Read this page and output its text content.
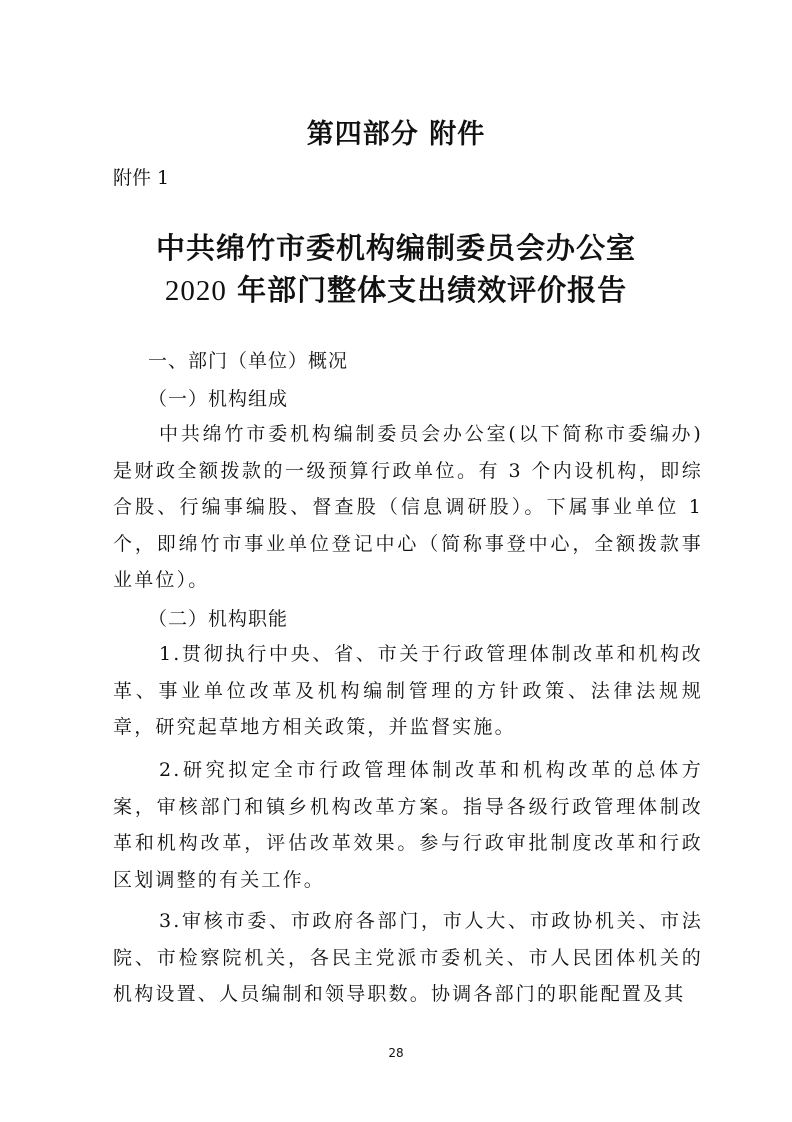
第四部分 附件
附件 1
中共绵竹市委机构编制委员会办公室
2020 年部门整体支出绩效评价报告
一、部门（单位）概况
（一）机构组成
中共绵竹市委机构编制委员会办公室(以下简称市委编办)是财政全额拨款的一级预算行政单位。有 3 个内设机构，即综合股、行编事编股、督查股（信息调研股）。下属事业单位 1 个，即绵竹市事业单位登记中心（简称事登中心，全额拨款事业单位）。
（二）机构职能
1.贯彻执行中央、省、市关于行政管理体制改革和机构改革、事业单位改革及机构编制管理的方针政策、法律法规规章，研究起草地方相关政策，并监督实施。
2.研究拟定全市行政管理体制改革和机构改革的总体方案，审核部门和镇乡机构改革方案。指导各级行政管理体制改革和机构改革，评估改革效果。参与行政审批制度改革和行政区划调整的有关工作。
3.审核市委、市政府各部门，市人大、市政协机关、市法院、市检察院机关，各民主党派市委机关、市人民团体机关的机构设置、人员编制和领导职数。协调各部门的职能配置及其
28
